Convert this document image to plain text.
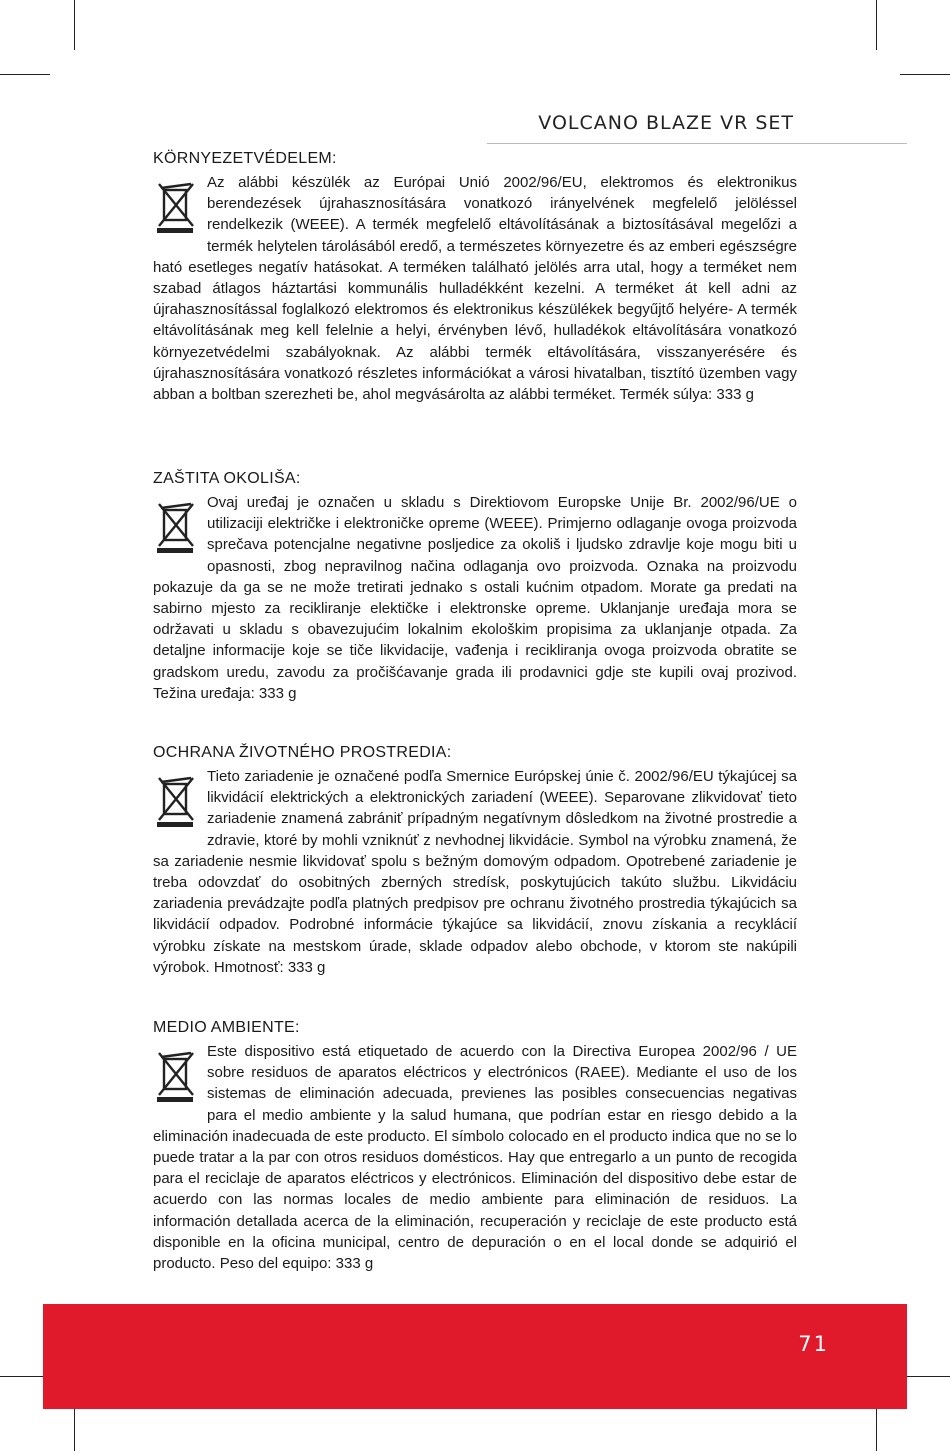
VOLCANO BLAZE VR SET
KÖRNYEZETVÉDELEM:

Az alábbi készülék az Európai Unió 2002/96/EU, elektromos és elektronikus berendezések újrahasznosítására vonatkozó irányelvének megfelelő jelöléssel rendelkezik (WEEE). A termék megfelelő eltávolításának a biztosításával megelőzi a termék helytelen tárolásából eredő, a természetes környezetre és az emberi egészségre ható esetleges negatív hatásokat. A terméken található jelölés arra utal, hogy a terméket nem szabad átlagos háztartási kommunális hulladékként kezelni. A terméket át kell adni az újrahasznosítással foglalkozó elektromos és elektronikus készülékek begyűjtő helyére- A termék eltávolításának meg kell felelnie a helyi, érvényben lévő, hulladékok eltávolítására vonatkozó környezetvédelmi szabályoknak. Az alábbi termék eltávolítására, visszanyerésére és újrahasznosítására vonatkozó részletes információkat a városi hivatalban, tisztító üzemben vagy abban a boltban szerezheti be, ahol megvásárolta az alábbi terméket. Termék súlya: 333 g

ZAŠTITA OKOLIŠA:

Ovaj uređaj je označen u skladu s Direktiovom Europske Unije Br. 2002/96/UE o utilizaciji električke i elektroničke opreme (WEEE). Primjerno odlaganje ovoga proizvoda sprečava potencjalne negativne posljedice za okoliš i ljudsko zdravlje koje mogu biti u opasnosti, zbog nepravilnog načina odlaganja ovo proizvoda. Oznaka na proizvodu pokazuje da ga se ne može tretirati jednako s ostali kućnim otpadom. Morate ga predati na sabirno mjesto za recikliranje elektičke i elektronske opreme. Uklanjanje uređaja mora se održavati u skladu s obavezujućim lokalnim ekološkim propisima za uklanjanje otpada. Za detaljne informacije koje se tiče likvidacije, vađenja i recikliranja ovoga proizvoda obratite se gradskom uredu, zavodu za pročišćavanje grada ili prodavnici gdje ste kupili ovaj prozivod. Težina uređaja: 333 g

OCHRANA ŽIVOTNÉHO PROSTREDIA:

Tieto zariadenie je označené podľa Smernice Európskej únie č. 2002/96/EU týkajúcej sa likvidácií elektrických a elektronických zariadení (WEEE). Separovane zlikvidovať tieto zariadenie znamená zabrániť prípadným negatívnym dôsledkom na životné prostredie a zdravie, ktoré by mohli vzniknúť z nevhodnej likvidácie. Symbol na výrobku znamená, že sa zariadenie nesmie likvidovať spolu s bežným domovým odpadom. Opotrebené zariadenie je treba odovzdať do osobitných zberných stredísk, poskytujúcich takúto službu. Likvidáciu zariadenia prevádzajte podľa platných predpisov pre ochranu životného prostredia týkajúcich sa likvidácií odpadov. Podrobné informácie týkajúce sa likvidácií, znovu získania a recyklácií výrobku získate na mestskom úrade, sklade odpadov alebo obchode, v ktorom ste nakúpili výrobok. Hmotnosť: 333 g

MEDIO AMBIENTE:

Este dispositivo está etiquetado de acuerdo con la Directiva Europea 2002/96 / UE sobre residuos de aparatos eléctricos y electrónicos (RAEE). Mediante el uso de los sistemas de eliminación adecuada, previenes las posibles consecuencias negativas para el medio ambiente y la salud humana, que podrían estar en riesgo debido a la eliminación inadecuada de este producto. El símbolo colocado en el producto indica que no se lo puede tratar a la par con otros residuos domésticos. Hay que entregarlo a un punto de recogida para el reciclaje de aparatos eléctricos y electrónicos. Eliminación del dispositivo debe estar de acuerdo con las normas locales de medio ambiente para eliminación de residuos. La información detallada acerca de la eliminación, recuperación y reciclaje de este producto está disponible en la oficina municipal, centro de depuración o en el local donde se adquirió el producto. Peso del equipo: 333 g

71
